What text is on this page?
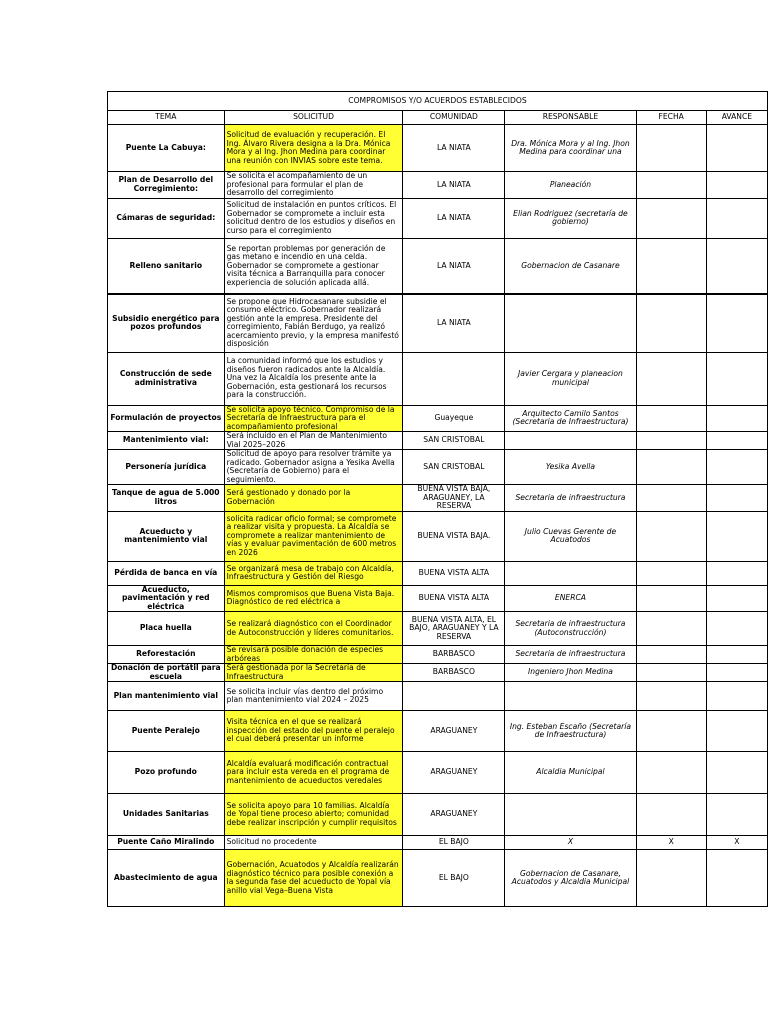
COMPROMISOS Y/O ACUERDOS ESTABLECIDOS					
TEMA	SOLICITUD	COMUNIDAD	RESPONSABLE	FECHA	AVANCE
Puente La Cabuya:	Solicitud de evaluación y recuperación. El Ing. Álvaro Rivera designa a la Dra. Mónica Mora y al Ing. Jhon Medina para coordinar una reunión con INVIAS sobre este tema.	LA NIATA	Dra. Mónica Mora y al Ing. Jhon Medina para coordinar una		
Plan de Desarrollo del Corregimiento:	Se solicita el acompañamiento de un profesional para formular el plan de desarrollo del corregimiento	LA NIATA	Planeación		
Cámaras de seguridad:	Solicitud de instalación en puntos críticos. El Gobernador se compromete a incluir esta solicitud dentro de los estudios y diseños en curso para el corregimiento	LA NIATA	Elian Rodriguez (secretaría de gobierno)		
Relleno sanitario	Se reportan problemas por generación de gas metano e incendio en una celda. Gobernador se compromete a gestionar visita técnica a Barranquilla para conocer experiencia de solución aplicada allá.	LA NIATA	Gobernacion de Casanare		
Subsidio energético para pozos profundos	Se propone que Hidrocasanare subsidie el consumo eléctrico. Gobernador realizará gestión ante la empresa. Presidente del corregimiento, Fabián Berdugo, ya realizó acercamiento previo, y la empresa manifestó disposición	LA NIATA			
Construcción de sede administrativa	La comunidad informó que los estudios y diseños fueron radicados ante la Alcaldía. Una vez la Alcaldía los presente ante la Gobernación, esta gestionará los recursos para la construcción.		Javier Cergara y planeacion municipal		
Formulación de proyectos	Se solicita apoyo técnico. Compromiso de la Secretaría de Infraestructura para el acompañamiento profesional	Guayeque	Arquitecto Camilo Santos (Secretaria de Infraestructura)		
Mantenimiento vial:	Será incluido en el Plan de Mantenimiento Vial 2025–2026	SAN CRISTOBAL			
Personería jurídica	Solicitud de apoyo para resolver trámite ya radicado. Gobernador asigna a Yesika Avella (Secretaría de Gobierno) para el seguimiento.	SAN CRISTOBAL	Yesika Avella		
Tanque de agua de 5.000 litros	Será gestionado y donado por la Gobernación	BUENA VISTA BAJA, ARAGUANEY, LA RESERVA	Secretaria de infraestructura		
Acueducto y mantenimiento vial	solicita radicar oficio formal; se compromete a realizar visita y propuesta. La Alcaldía se compromete a realizar mantenimiento de vías y evaluar pavimentación de 600 metros en 2026	BUENA VISTA BAJA.	Julio Cuevas Gerente de Acuatodos		
Pérdida de banca en vía	Se organizará mesa de trabajo con Alcaldía, Infraestructura y Gestión del Riesgo	BUENA VISTA ALTA			
Acueducto, pavimentación y red eléctrica	Mismos compromisos que Buena Vista Baja. Diagnóstico de red eléctrica a	BUENA VISTA ALTA	ENERCA		
Placa huella	Se realizará diagnóstico con el Coordinador de Autoconstrucción y líderes comunitarios.	BUENA VISTA ALTA, EL BAJO, ARAGUANEY Y LA RESERVA	Secretaria de infraestructura (Autoconstrucción)		
Reforestación	Se revisará posible donación de especies arbóreas	BARBASCO	Secretaria de infraestructura		
Donación de portátil para escuela	Será gestionada por la Secretaría de Infraestructura	BARBASCO	Ingeniero Jhon Medina		
Plan mantenimiento vial	Se solicita incluir vías dentro del próximo plan mantenimiento vial 2024 – 2025				
Puente Peralejo	Visita técnica en el que se realizará inspección del estado del puente el peralejo el cual deberá presentar un informe	ARAGUANEY	Ing. Esteban Escaño (Secretaría de Infraestructura)		
Pozo profundo	Alcaldía evaluará modificación contractual para incluir esta vereda en el programa de mantenimiento de acueductos veredales	ARAGUANEY	Alcaldia Municipal		
Unidades Sanitarias	Se solicita apoyo para 10 familias. Alcaldía de Yopal tiene proceso abierto; comunidad debe realizar inscripción y cumplir requisitos	ARAGUANEY			
Puente Caño Miralindo	Solicitud no procedente	EL BAJO	X	X	X
Abastecimiento de agua	Gobernación, Acuatodos y Alcaldía realizarán diagnóstico técnico para posible conexión a la segunda fase del acueducto de Yopal vía anillo vial Vega–Buena Vista	EL BAJO	Gobernacion de Casanare, Acuatodos y Alcaldia Municipal		
